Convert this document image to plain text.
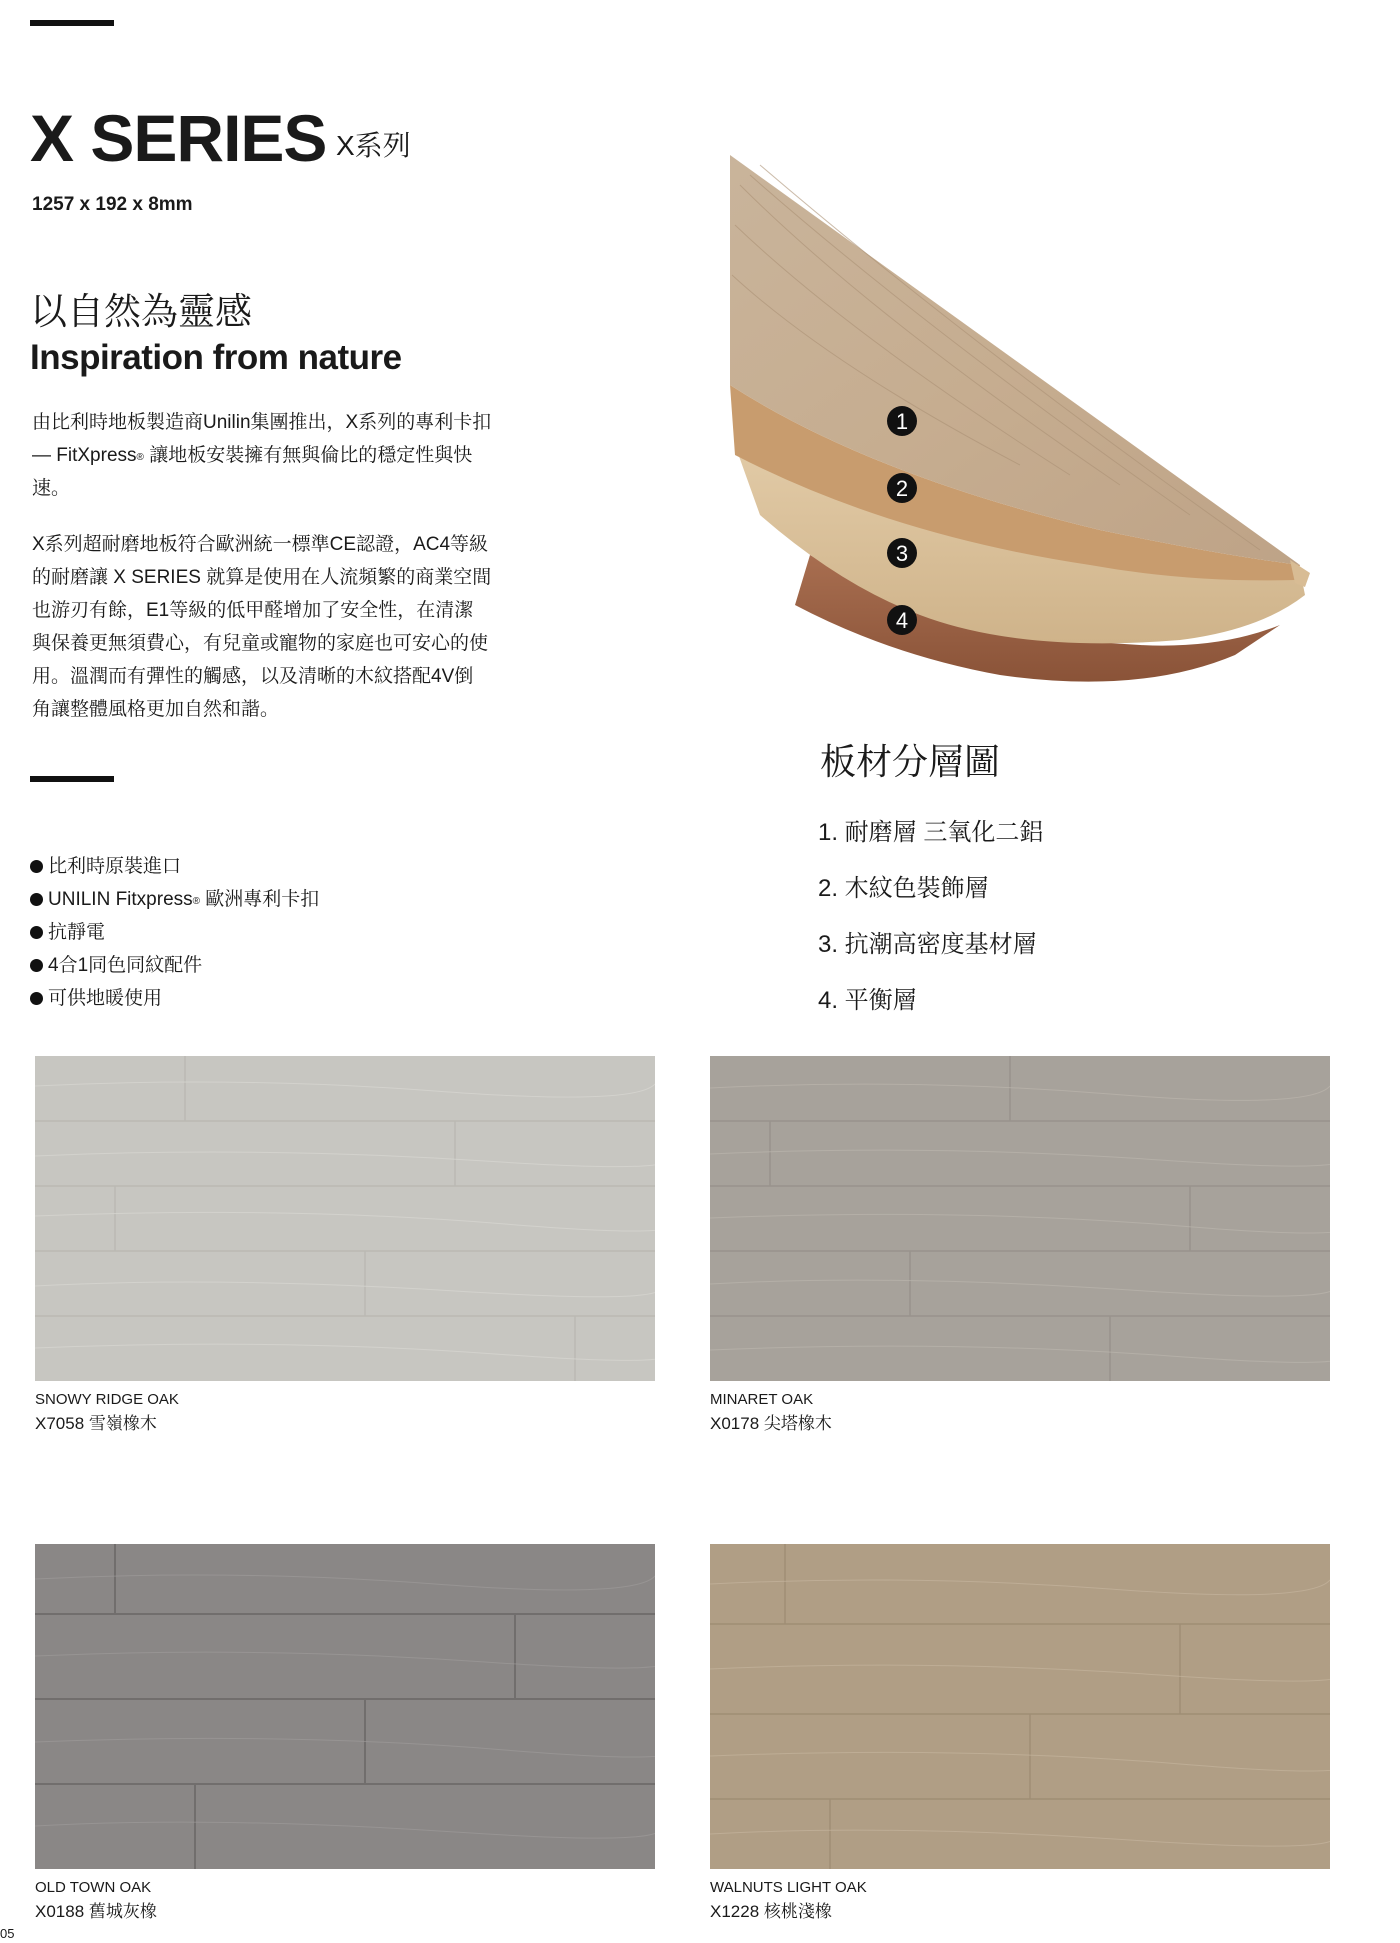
X SERIES X系列
1257 x 192 x 8mm
以自然為靈感
Inspiration from nature

由比利時地板製造商Unilin集團推出，X系列的專利卡扣 — FitXpress® 讓地板安裝擁有無與倫比的穩定性與快速。

X系列超耐磨地板符合歐洲統一標準CE認證，AC4等級的耐磨讓 X SERIES 就算是使用在人流頻繁的商業空間也游刃有餘，E1等級的低甲醛增加了安全性，在清潔與保養更無須費心，有兒童或寵物的家庭也可安心的使用。溫潤而有彈性的觸感，以及清晰的木紋搭配4V倒角讓整體風格更加自然和諧。

比利時原裝進口
UNILIN Fitxpress®
歐洲專利卡扣
抗靜電
4合1同色同紋配件
可供地暖使用
1
2
3
4
板材分層圖
1. 耐磨層 三氧化二鋁
2. 木紋色裝飾層
3. 抗潮高密度基材層
4. 平衡層
SNOWY RIDGE OAK
X7058 雪嶺橡木
MINARET OAK
X0178 尖塔橡木
OLD TOWN OAK
X0188 舊城灰橡
WALNUTS LIGHT OAK
X1228 核桃淺橡
05
